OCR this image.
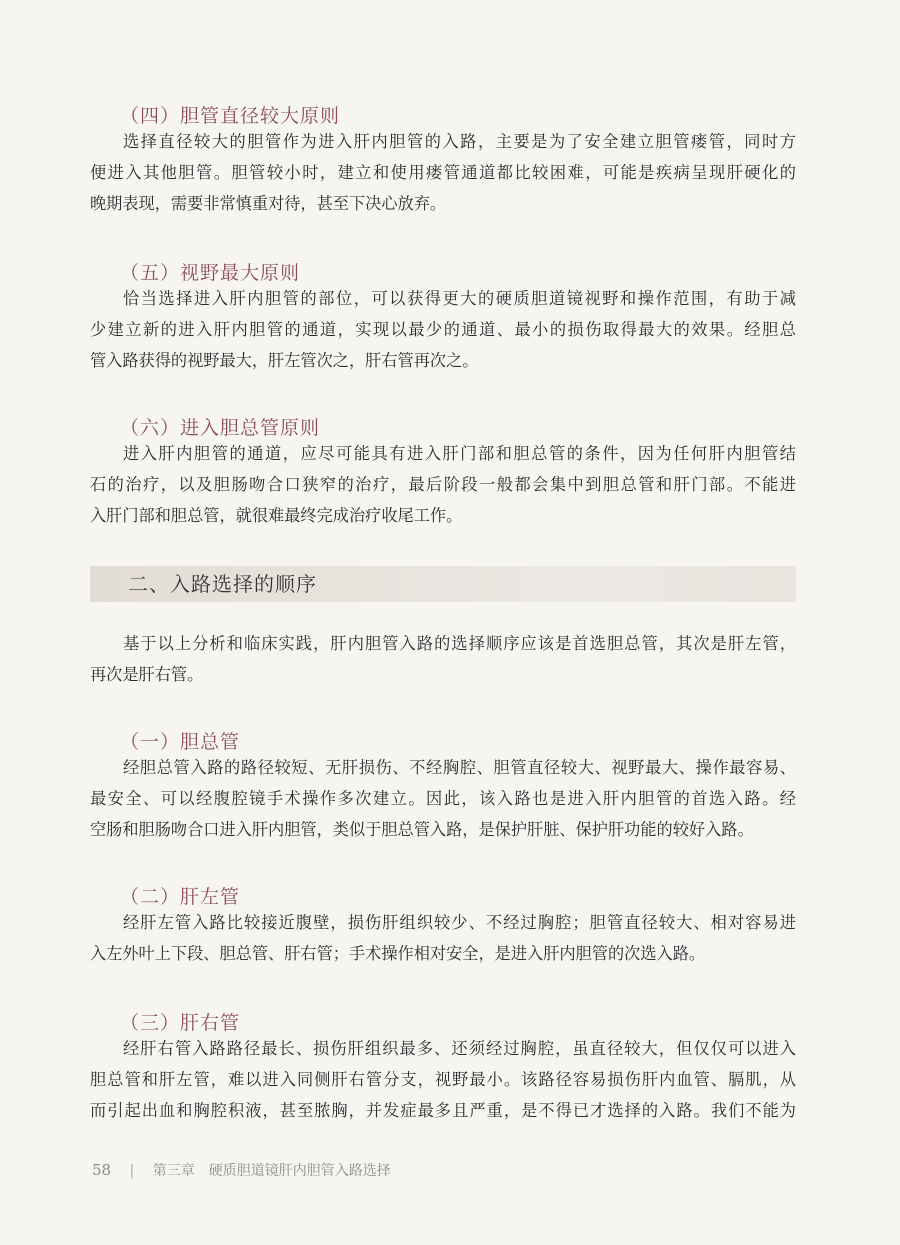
（四）胆管直径较大原则
选择直径较大的胆管作为进入肝内胆管的入路，主要是为了安全建立胆管瘘管，同时方
便进入其他胆管。胆管较小时，建立和使用瘘管通道都比较困难，可能是疾病呈现肝硬化的
晚期表现，需要非常慎重对待，甚至下决心放弃。
（五）视野最大原则
恰当选择进入肝内胆管的部位，可以获得更大的硬质胆道镜视野和操作范围，有助于减
少建立新的进入肝内胆管的通道，实现以最少的通道、最小的损伤取得最大的效果。经胆总
管入路获得的视野最大，肝左管次之，肝右管再次之。
（六）进入胆总管原则
进入肝内胆管的通道，应尽可能具有进入肝门部和胆总管的条件，因为任何肝内胆管结
石的治疗，以及胆肠吻合口狭窄的治疗，最后阶段一般都会集中到胆总管和肝门部。不能进
入肝门部和胆总管，就很难最终完成治疗收尾工作。
二、入路选择的顺序
基于以上分析和临床实践，肝内胆管入路的选择顺序应该是首选胆总管，其次是肝左管，
再次是肝右管。
（一）胆总管
经胆总管入路的路径较短、无肝损伤、不经胸腔、胆管直径较大、视野最大、操作最容易、
最安全、可以经腹腔镜手术操作多次建立。因此，该入路也是进入肝内胆管的首选入路。经
空肠和胆肠吻合口进入肝内胆管，类似于胆总管入路，是保护肝脏、保护肝功能的较好入路。
（二）肝左管
经肝左管入路比较接近腹壁，损伤肝组织较少、不经过胸腔；胆管直径较大、相对容易进
入左外叶上下段、胆总管、肝右管；手术操作相对安全，是进入肝内胆管的次选入路。
（三）肝右管
经肝右管入路路径最长、损伤肝组织最多、还须经过胸腔，虽直径较大，但仅仅可以进入
胆总管和肝左管，难以进入同侧肝右管分支，视野最小。该路径容易损伤肝内血管、膈肌，从
而引起出血和胸腔积液，甚至脓胸，并发症最多且严重，是不得已才选择的入路。我们不能为
58 | 第三章　硬质胆道镜肝内胆管入路选择
